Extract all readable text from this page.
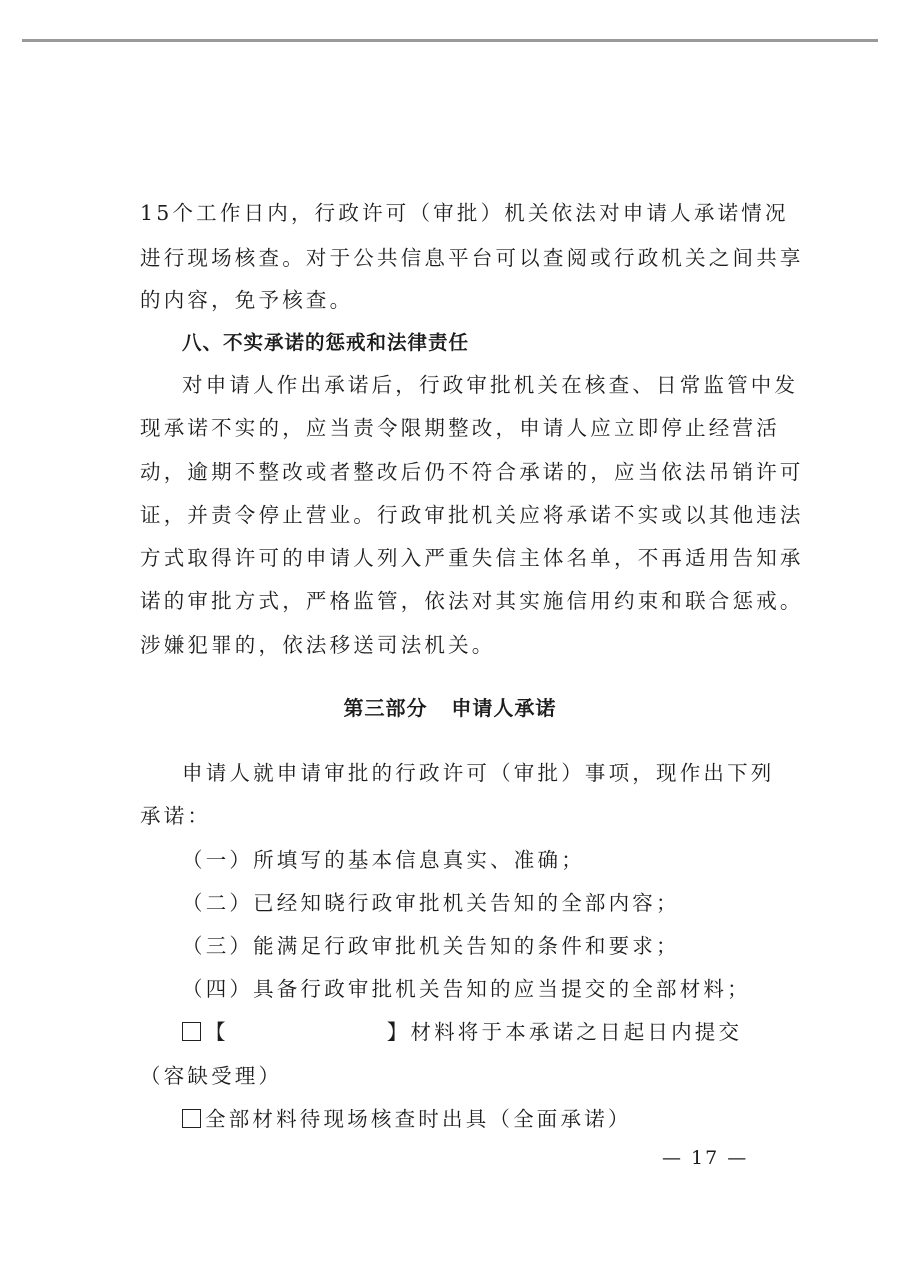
15个工作日内，行政许可（审批）机关依法对申请人承诺情况
进行现场核查。对于公共信息平台可以查阅或行政机关之间共享
的内容，免予核查。
八、不实承诺的惩戒和法律责任
对申请人作出承诺后，行政审批机关在核查、日常监管中发
现承诺不实的，应当责令限期整改，申请人应立即停止经营活
动，逾期不整改或者整改后仍不符合承诺的，应当依法吊销许可
证，并责令停止营业。行政审批机关应将承诺不实或以其他违法
方式取得许可的申请人列入严重失信主体名单，不再适用告知承
诺的审批方式，严格监管，依法对其实施信用约束和联合惩戒。
涉嫌犯罪的，依法移送司法机关。
第三部分   申请人承诺
申请人就申请审批的行政许可（审批）事项，现作出下列
承诺：
（一）所填写的基本信息真实、准确；
（二）已经知晓行政审批机关告知的全部内容；
（三）能满足行政审批机关告知的条件和要求；
（四）具备行政审批机关告知的应当提交的全部材料；
【	】材料将于本承诺之日起日内提交
（容缺受理）
全部材料待现场核查时出具（全面承诺）
— 17 —
